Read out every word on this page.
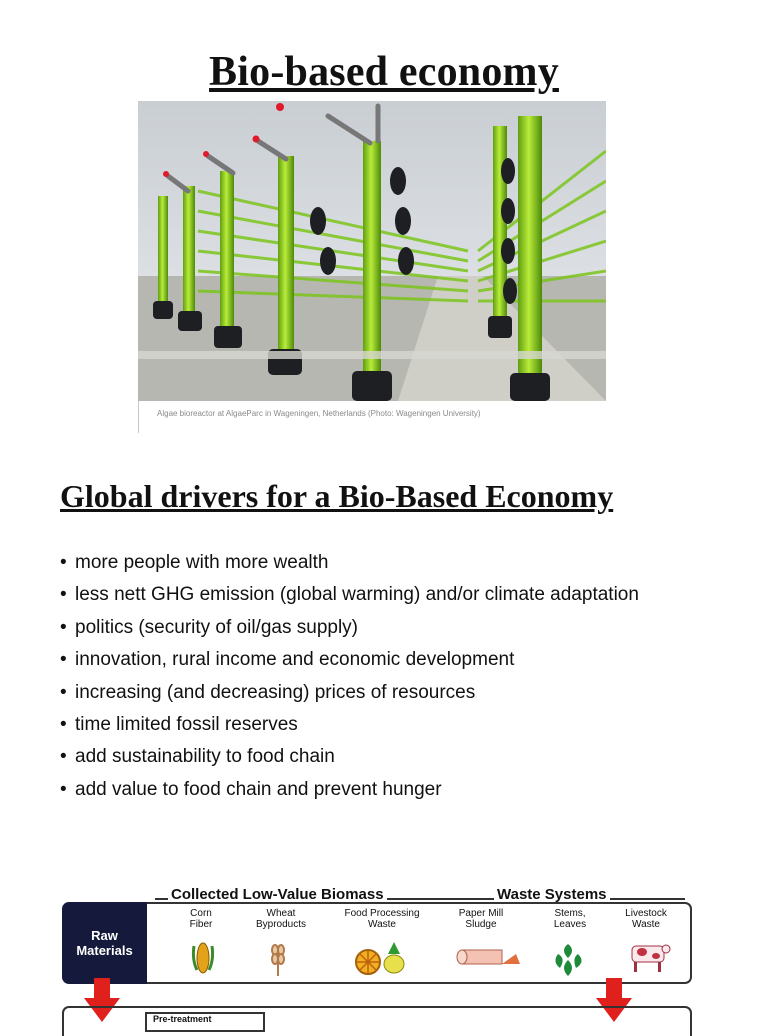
Bio-based economy
Algae bioreactor at AlgaeParc in Wageningen, Netherlands (Photo: Wageningen University)
Global drivers for a Bio-Based Economy
• more people with more wealth
• less nett GHG emission (global warming) and/or climate adaptation
• politics (security of oil/gas supply)
• innovation, rural income and economic development
• increasing (and decreasing) prices of resources
• time limited fossil reserves
• add sustainability to food chain
• add value to food chain and prevent hunger
Collected Low-Value Biomass	Waste Systems
Raw Materials
Corn Fiber
Wheat Byproducts
Food Processing Waste
Paper Mill Sludge
Stems, Leaves
Livestock Waste
Pre-treatment
